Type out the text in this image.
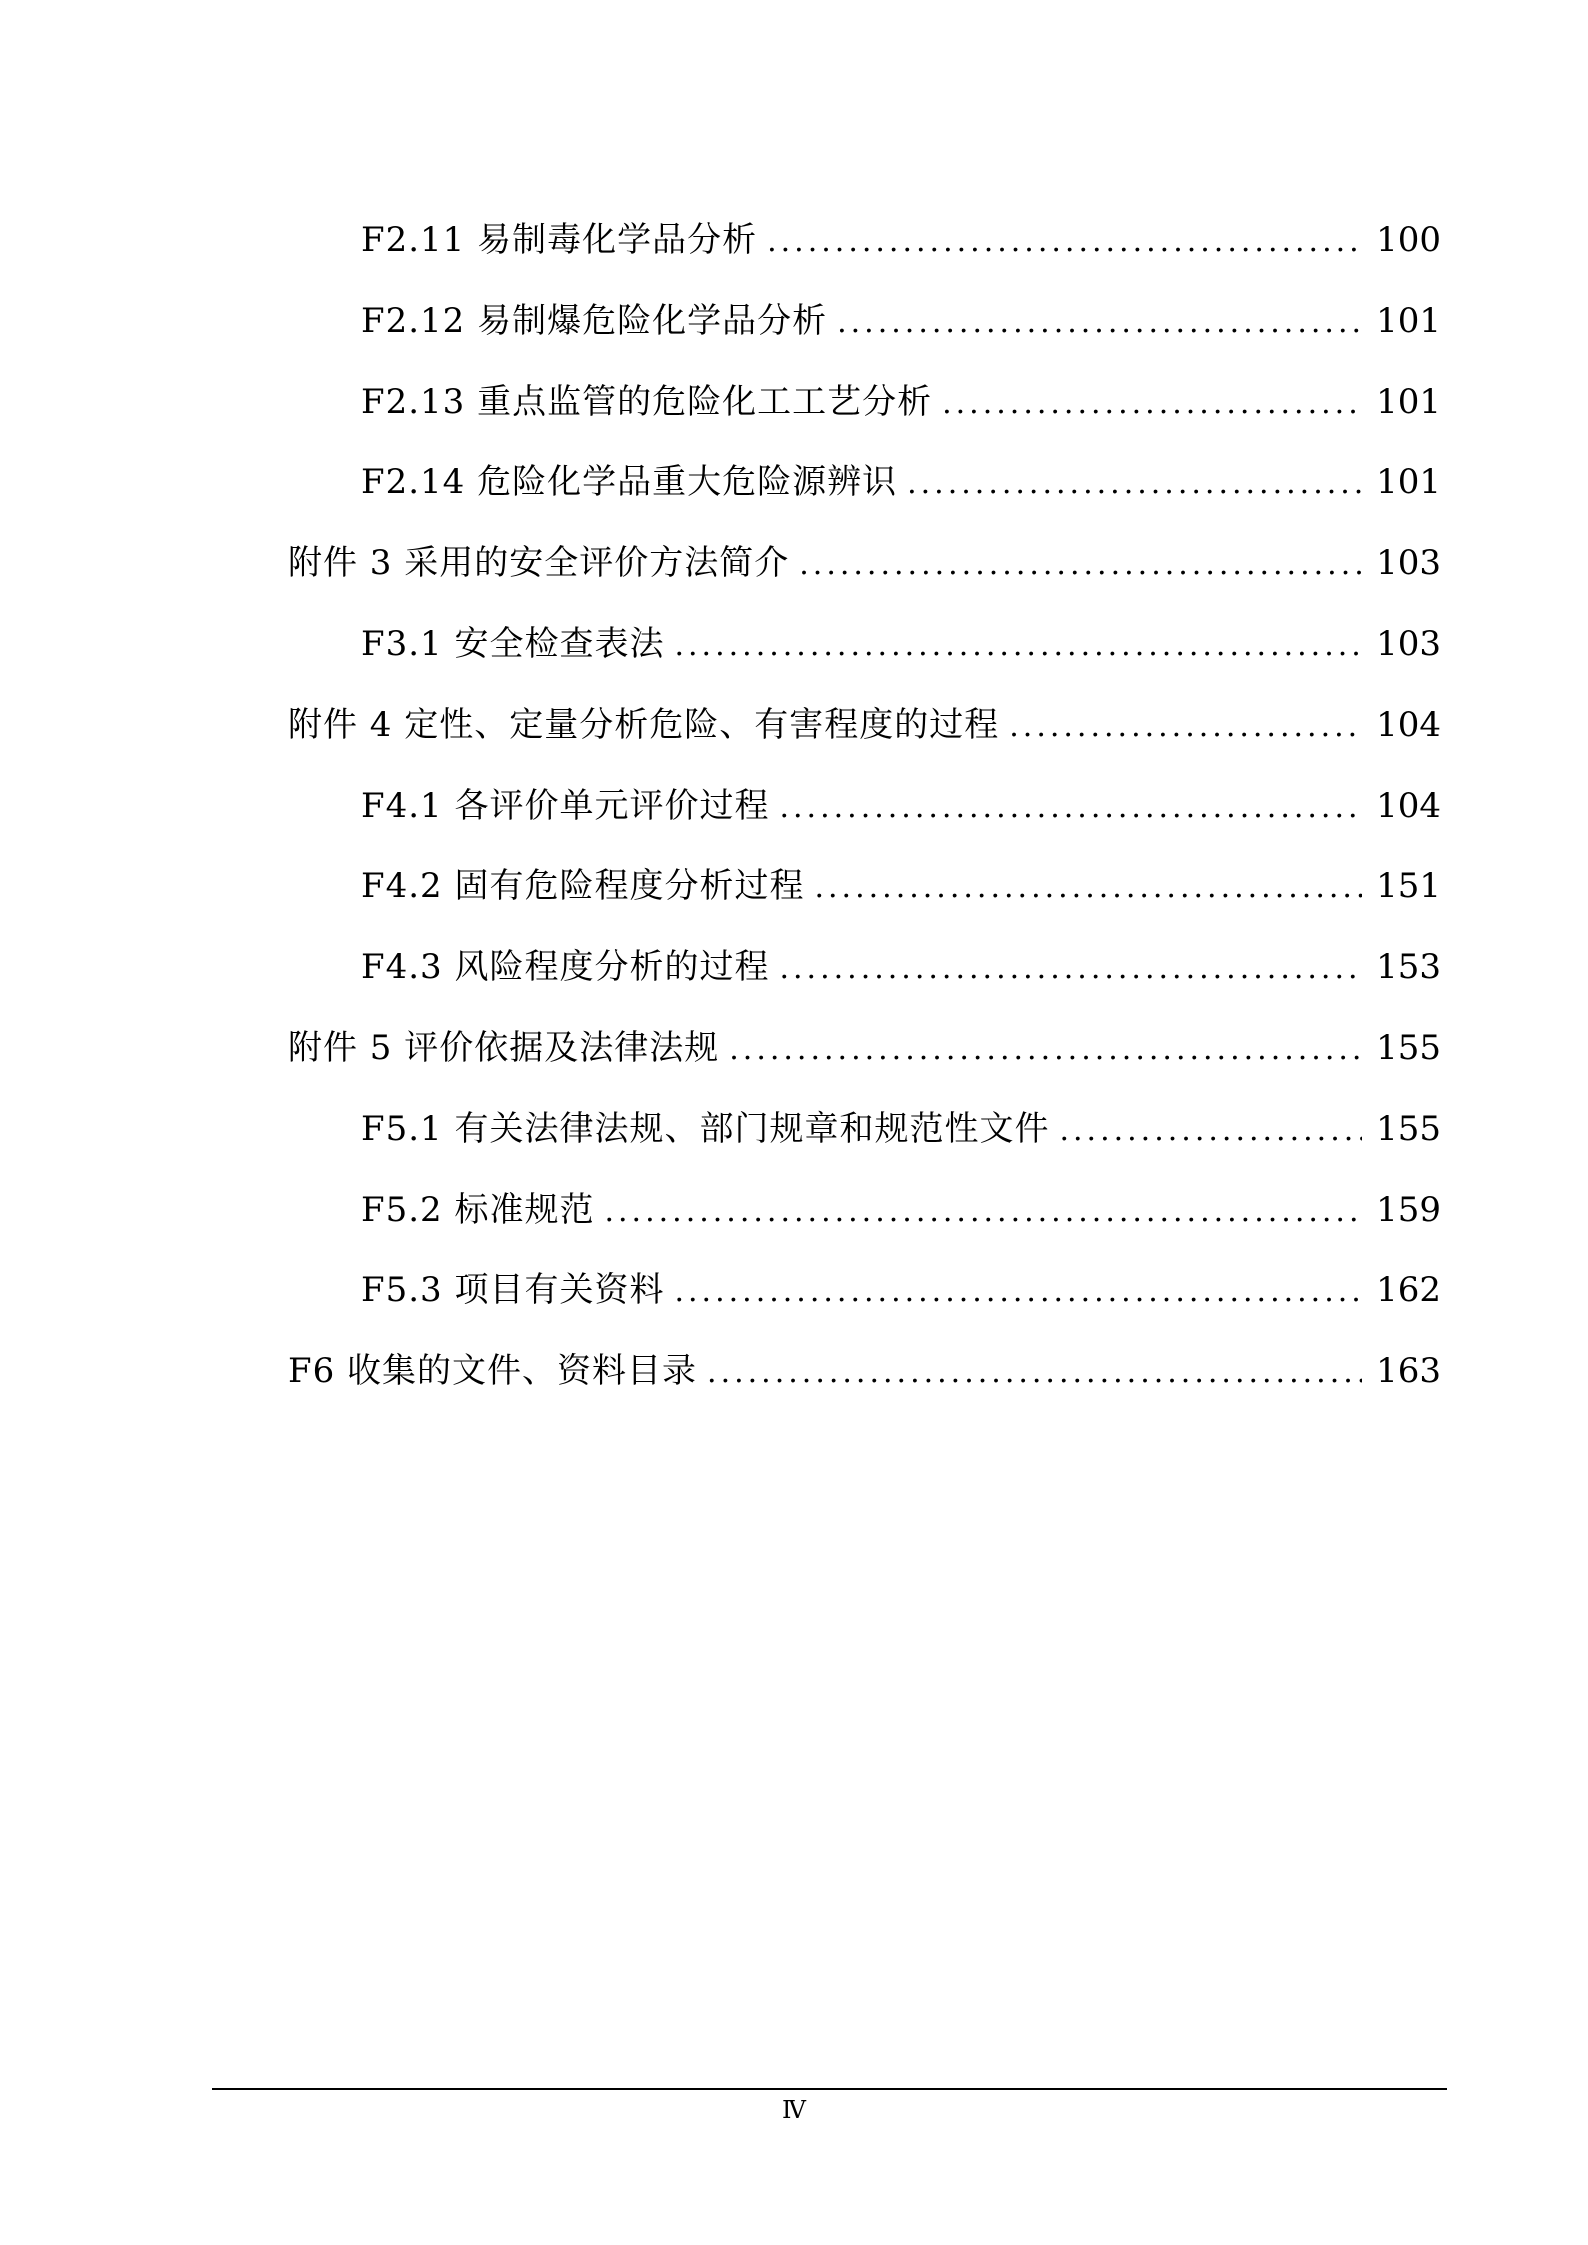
F2.11 易制毒化学品分析 .....	100
F2.12 易制爆危险化学品分析 .....	101
F2.13 重点监管的危险化工工艺分析 .....	101
F2.14 危险化学品重大危险源辨识 .....	101
附件 3 采用的安全评价方法简介 .....	103
F3.1 安全检查表法 .....	103
附件 4 定性、定量分析危险、有害程度的过程 .....	104
F4.1 各评价单元评价过程 .....	104
F4.2 固有危险程度分析过程 .....	151
F4.3 风险程度分析的过程 .....	153
附件 5 评价依据及法律法规 .....	155
F5.1 有关法律法规、部门规章和规范性文件 .....	155
F5.2 标准规范 .....	159
F5.3 项目有关资料 .....	162
F6 收集的文件、资料目录 .....	163
Ⅳ
